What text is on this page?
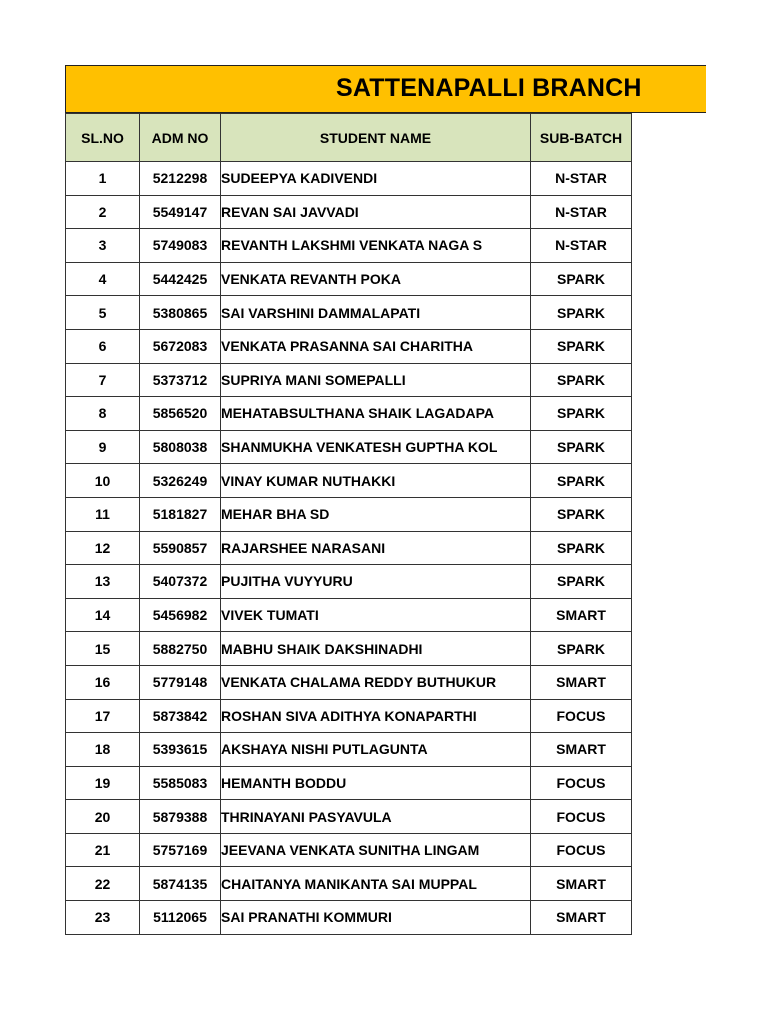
SATTENAPALLI BRANCH
SL.NO	ADM NO	STUDENT NAME	SUB-BATCH
1	5212298	SUDEEPYA KADIVENDI	N-STAR
2	5549147	REVAN SAI JAVVADI	N-STAR
3	5749083	REVANTH LAKSHMI VENKATA NAGA S	N-STAR
4	5442425	VENKATA REVANTH POKA	SPARK
5	5380865	SAI VARSHINI DAMMALAPATI	SPARK
6	5672083	VENKATA PRASANNA SAI CHARITHA	SPARK
7	5373712	SUPRIYA MANI SOMEPALLI	SPARK
8	5856520	MEHATABSULTHANA SHAIK LAGADAPA	SPARK
9	5808038	SHANMUKHA VENKATESH GUPTHA KOL	SPARK
10	5326249	VINAY KUMAR NUTHAKKI	SPARK
11	5181827	MEHAR BHA SD	SPARK
12	5590857	RAJARSHEE NARASANI	SPARK
13	5407372	PUJITHA VUYYURU	SPARK
14	5456982	VIVEK TUMATI	SMART
15	5882750	MABHU SHAIK DAKSHINADHI	SPARK
16	5779148	VENKATA CHALAMA REDDY BUTHUKUR	SMART
17	5873842	ROSHAN SIVA ADITHYA KONAPARTHI	FOCUS
18	5393615	AKSHAYA NISHI PUTLAGUNTA	SMART
19	5585083	HEMANTH BODDU	FOCUS
20	5879388	THRINAYANI PASYAVULA	FOCUS
21	5757169	JEEVANA VENKATA SUNITHA LINGAM	FOCUS
22	5874135	CHAITANYA MANIKANTA SAI MUPPAL	SMART
23	5112065	SAI PRANATHI KOMMURI	SMART
